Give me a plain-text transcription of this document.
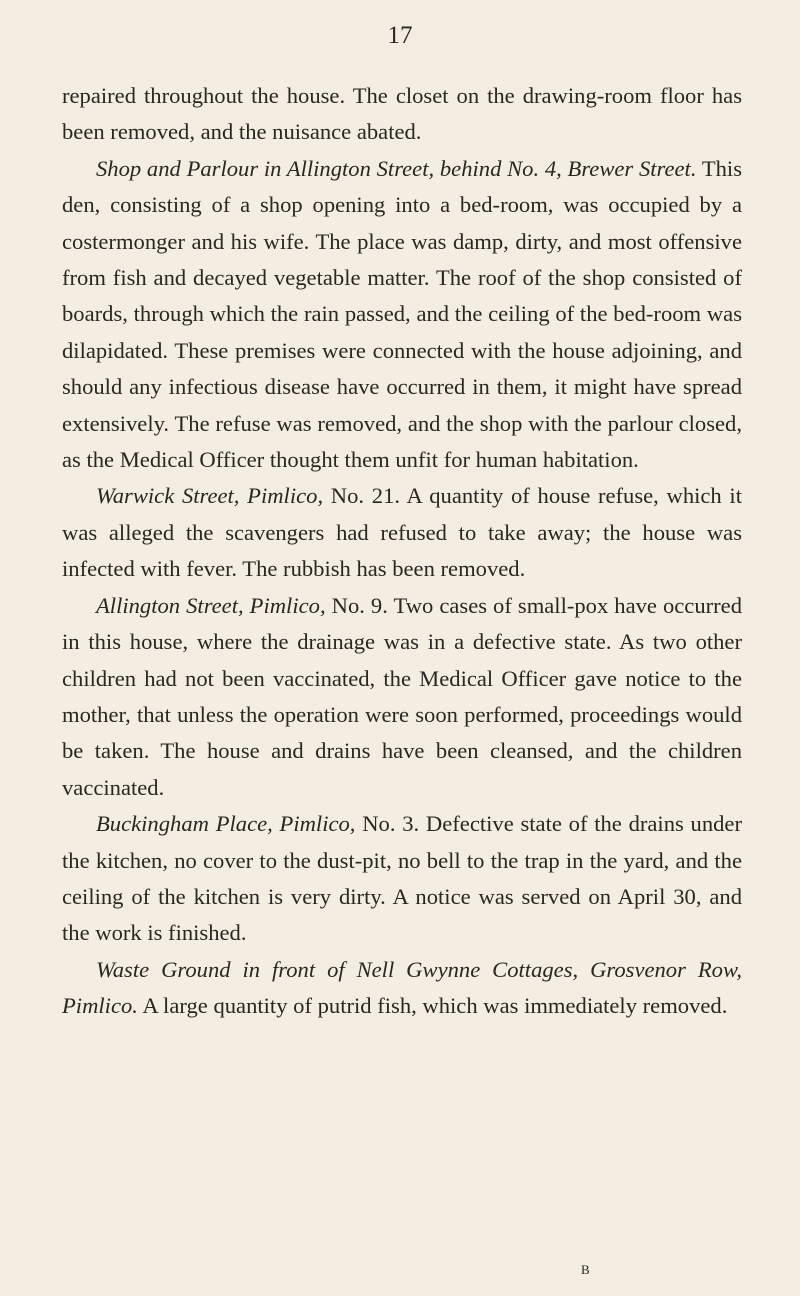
17

repaired throughout the house. The closet on the drawing-room floor has been removed, and the nuisance abated.

Shop and Parlour in Allington Street, behind No. 4, Brewer Street. This den, consisting of a shop opening into a bed-room, was occupied by a costermonger and his wife. The place was damp, dirty, and most offensive from fish and decayed vegetable matter. The roof of the shop consisted of boards, through which the rain passed, and the ceiling of the bed-room was dilapidated. These premises were connected with the house adjoining, and should any infectious disease have occurred in them, it might have spread extensively. The refuse was removed, and the shop with the parlour closed, as the Medical Officer thought them unfit for human habitation.

Warwick Street, Pimlico, No. 21. A quantity of house refuse, which it was alleged the scavengers had refused to take away; the house was infected with fever. The rubbish has been removed.

Allington Street, Pimlico, No. 9. Two cases of small-pox have occurred in this house, where the drainage was in a defective state. As two other children had not been vaccinated, the Medical Officer gave notice to the mother, that unless the operation were soon performed, proceedings would be taken. The house and drains have been cleansed, and the children vaccinated.

Buckingham Place, Pimlico, No. 3. Defective state of the drains under the kitchen, no cover to the dust-pit, no bell to the trap in the yard, and the ceiling of the kitchen is very dirty. A notice was served on April 30, and the work is finished.

Waste Ground in front of Nell Gwynne Cottages, Grosvenor Row, Pimlico. A large quantity of putrid fish, which was immediately removed.

B
